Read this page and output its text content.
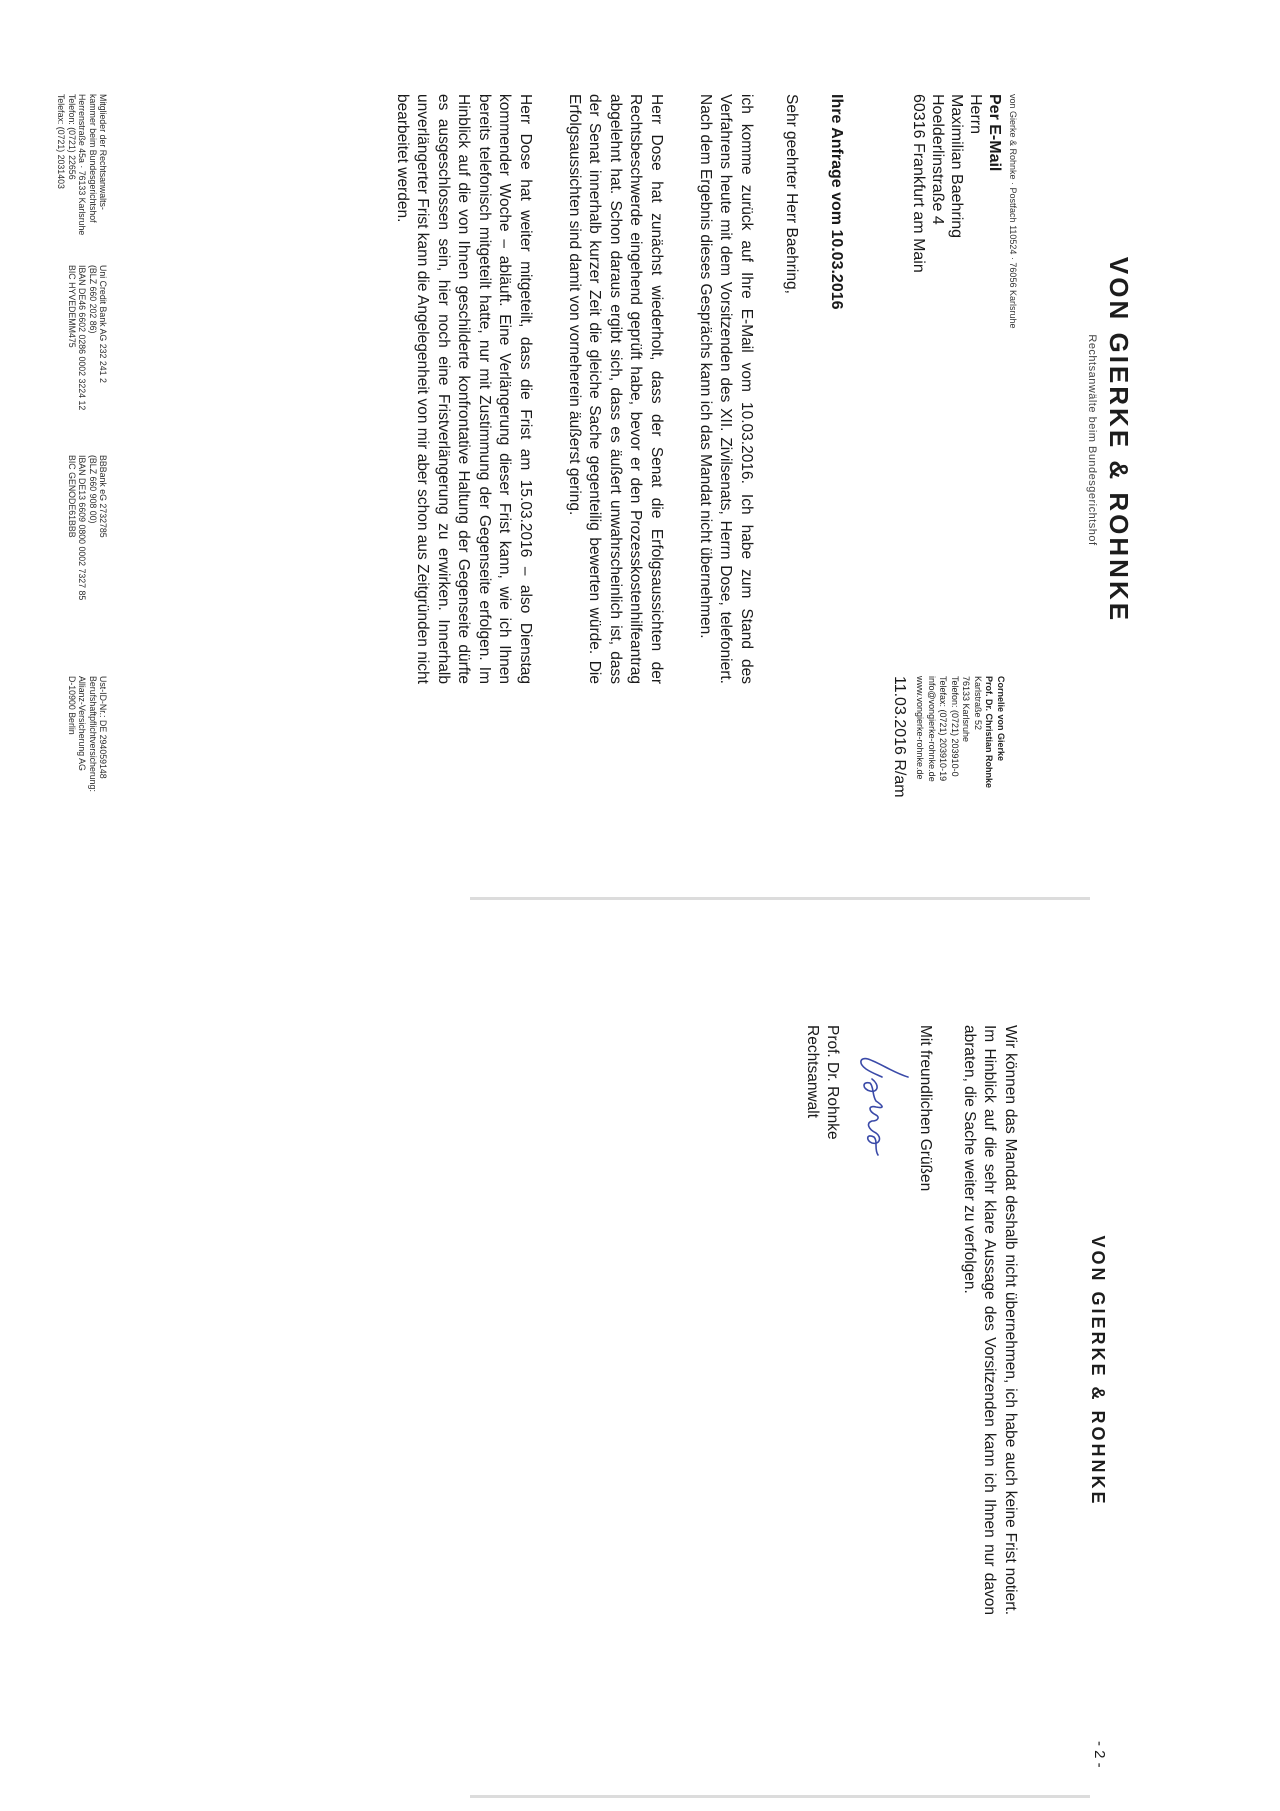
VON GIERKE & ROHNKE
Rechtsanwälte beim Bundesgerichtshof
von Gierke & Rohnke · Postfach 110524 · 76056 Karlsruhe
Per E-Mail
Herrn
Maximilian Baehring
Hoelderlinstraße 4
60316 Frankfurt am Main
Cornelie von Gierke
Prof. Dr. Christian Rohnke
Karlstraße 52
76133 Karlsruhe
Telefon: (0721) 203910-0
Telefax: (0721) 203910-19
info@vongierke-rohnke.de
www.vongierke-rohnke.de
11.03.2016 R/am
Ihre Anfrage vom 10.03.2016
Sehr geehrter Herr Baehring,

ich komme zurück auf Ihre E-Mail vom 10.03.2016. Ich habe zum Stand des Verfahrens heute mit dem Vorsitzenden des XII. Zivilsenats, Herrn Dose, telefoniert. Nach dem Ergebnis dieses Gesprächs kann ich das Mandat nicht übernehmen.

Herr Dose hat zunächst wiederholt, dass der Senat die Erfolgsaussichten der Rechtsbeschwerde eingehend geprüft habe, bevor er den Prozesskostenhilfeantrag abgelehnt hat. Schon daraus ergibt sich, dass es äußert unwahrscheinlich ist, dass der Senat innerhalb kurzer Zeit die gleiche Sache gegenteilig bewerten würde. Die Erfolgsaussichten sind damit von vorneherein äußerst gering.

Herr Dose hat weiter mitgeteilt, dass die Frist am 15.03.2016 – also Dienstag kommender Woche – abläuft. Eine Verlängerung dieser Frist kann, wie ich Ihnen bereits telefonisch mitgeteilt hatte, nur mit Zustimmung der Gegenseite erfolgen. Im Hinblick auf die von Ihnen geschilderte konfrontative Haltung der Gegenseite dürfte es ausgeschlossen sein, hier noch eine Fristverlängerung zu erwirken. Innerhalb unverlängerter Frist kann die Angelegenheit von mir aber schon aus Zeitgründen nicht bearbeitet werden.

Mitglieder der Rechtsanwalts-
kammer beim Bundesgerichtshof
Herrenstraße 45a · 76133 Karlsruhe
Telefon: (0721) 22656
Telefax: (0721) 2031403
Uni Credit Bank AG 232 241 2
(BLZ 660 202 86)
IBAN DE46 6602 0286 0002 3224 12
BIC HYVEDEMM475
BBBank eG 2732785
(BLZ 660 908 00)
IBAN DE13 6609 0800 0002 7327 85
BIC GENODE61BBB
Ust-ID-Nr.: DE 294059148
Berufshaftpflichtversicherung:
Allianz-Versicherung AG
D-10900 Berlin
VON GIERKE & ROHNKE
- 2 -

Wir können das Mandat deshalb nicht übernehmen, ich habe auch keine Frist notiert. Im Hinblick auf die sehr klare Aussage des Vorsitzenden kann ich Ihnen nur davon abraten, die Sache weiter zu verfolgen.

Mit freundlichen Grüßen
Prof. Dr. Rohnke
Rechtsanwalt
